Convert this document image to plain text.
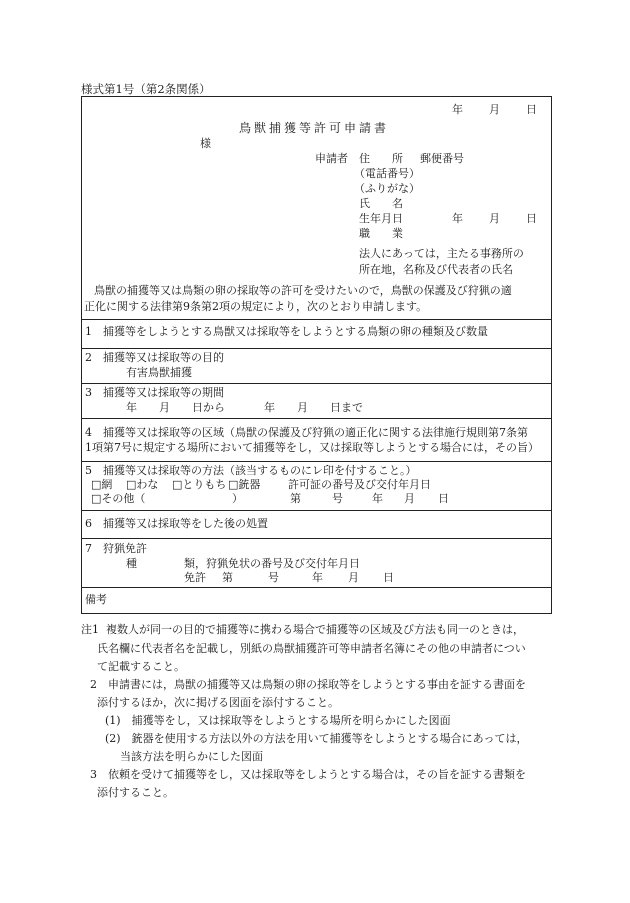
様式第1号（第2条関係）
年 月 日
鳥獣捕獲等許可申請書
様
申請者 住　　所 郵便番号
（電話番号）
（ふりがな）
氏　　名
生年月日	年 月 日
職　　業
法人にあっては，主たる事務所の
所在地，名称及び代表者の氏名
鳥獣の捕獲等又は鳥類の卵の採取等の許可を受けたいので，鳥獣の保護及び狩猟の適
正化に関する法律第9条第2項の規定により，次のとおり申請します。
1　捕獲等をしようとする鳥獣又は採取等をしようとする鳥類の卵の種類及び数量
2　捕獲等又は採取等の目的
有害鳥獣捕獲
3　捕獲等又は採取等の期間
年　　月　　日から	年　　月　　日まで
4　捕獲等又は採取等の区域（鳥獣の保護及び狩猟の適正化に関する法律施行規則第7条第
1項第7号に規定する場所において捕獲等をし，又は採取等しようとする場合には，その旨）
5　捕獲等又は採取等の方法（該当するものにレ印を付すること。）
□網 □わな □とりもち □銃器	許可証の番号及び交付年月日
□その他（	）	第	号	年 月 日
6　捕獲等又は採取等をした後の処置
7　狩猟免許
種	類，狩猟免状の番号及び交付年月日
免許 第	号	年 月 日
備考
注1 複数人が同一の目的で捕獲等に携わる場合で捕獲等の区域及び方法も同一のときは，
氏名欄に代表者名を記載し，別紙の鳥獣捕獲許可等申請者名簿にその他の申請者につい
て記載すること。
2　申請書には，鳥獣の捕獲等又は鳥類の卵の採取等をしようとする事由を証する書面を
添付するほか，次に掲げる図面を添付すること。
(1)　捕獲等をし，又は採取等をしようとする場所を明らかにした図面
(2)　銃器を使用する方法以外の方法を用いて捕獲等をしようとする場合にあっては，
当該方法を明らかにした図面
3　依頼を受けて捕獲等をし，又は採取等をしようとする場合は，その旨を証する書類を
添付すること。
